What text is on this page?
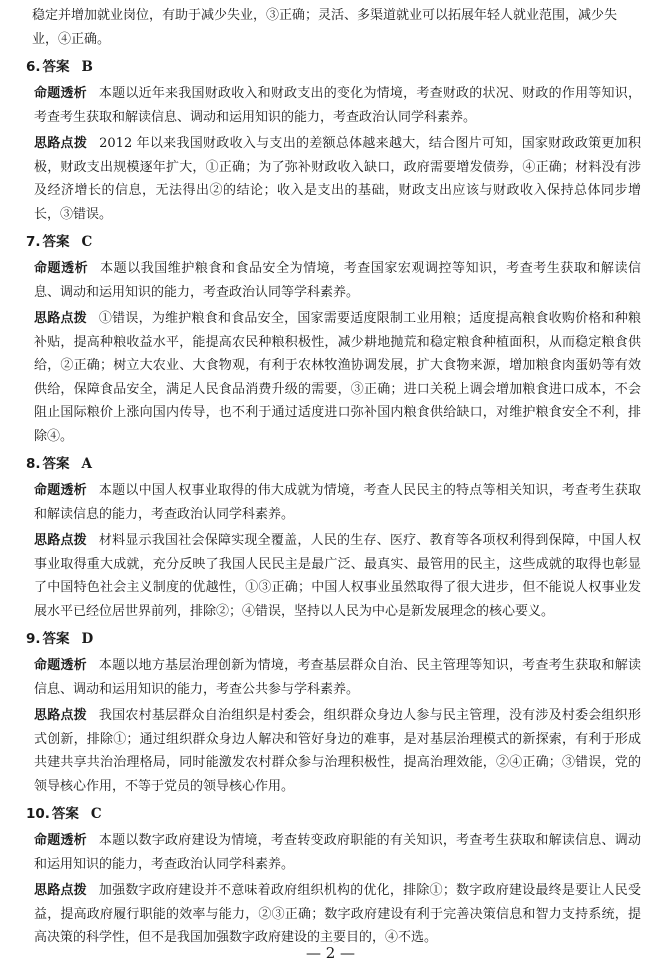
稳定并增加就业岗位，有助于减少失业，③正确；灵活、多渠道就业可以拓展年轻人就业范围，减少失业，④正确。

6. 答案 B

命题透析 本题以近年来我国财政收入和财政支出的变化为情境，考查财政的状况、财政的作用等知识，考查考生获取和解读信息、调动和运用知识的能力，考查政治认同学科素养。

思路点拨 2012 年以来我国财政收入与支出的差额总体越来越大，结合图片可知，国家财政政策更加积极，财政支出规模逐年扩大，①正确；为了弥补财政收入缺口，政府需要增发债券，④正确；材料没有涉及经济增长的信息，无法得出②的结论；收入是支出的基础，财政支出应该与财政收入保持总体同步增长，③错误。

7. 答案 C

命题透析 本题以我国维护粮食和食品安全为情境，考查国家宏观调控等知识，考查考生获取和解读信息、调动和运用知识的能力，考查政治认同等学科素养。

思路点拨 ①错误，为维护粮食和食品安全，国家需要适度限制工业用粮；适度提高粮食收购价格和种粮补贴，提高种粮收益水平，能提高农民种粮积极性，减少耕地抛荒和稳定粮食种植面积，从而稳定粮食供给，②正确；树立大农业、大食物观，有利于农林牧渔协调发展，扩大食物来源，增加粮食肉蛋奶等有效供给，保障食品安全，满足人民食品消费升级的需要，③正确；进口关税上调会增加粮食进口成本，不会阻止国际粮价上涨向国内传导，也不利于通过适度进口弥补国内粮食供给缺口，对维护粮食安全不利，排除④。

8. 答案 A

命题透析 本题以中国人权事业取得的伟大成就为情境，考查人民民主的特点等相关知识，考查考生获取和解读信息的能力，考查政治认同学科素养。

思路点拨 材料显示我国社会保障实现全覆盖，人民的生存、医疗、教育等各项权利得到保障，中国人权事业取得重大成就，充分反映了我国人民民主是最广泛、最真实、最管用的民主，这些成就的取得也彰显了中国特色社会主义制度的优越性，①③正确；中国人权事业虽然取得了很大进步，但不能说人权事业发展水平已经位居世界前列，排除②；④错误，坚持以人民为中心是新发展理念的核心要义。

9. 答案 D

命题透析 本题以地方基层治理创新为情境，考查基层群众自治、民主管理等知识，考查考生获取和解读信息、调动和运用知识的能力，考查公共参与学科素养。

思路点拨 我国农村基层群众自治组织是村委会，组织群众身边人参与民主管理，没有涉及村委会组织形式创新，排除①；通过组织群众身边人解决和管好身边的难事，是对基层治理模式的新探索，有利于形成共建共享共治治理格局，同时能激发农村群众参与治理积极性，提高治理效能，②④正确；③错误，党的领导核心作用，不等于党员的领导核心作用。

10. 答案 C

命题透析 本题以数字政府建设为情境，考查转变政府职能的有关知识，考查考生获取和解读信息、调动和运用知识的能力，考查政治认同学科素养。

思路点拨 加强数字政府建设并不意味着政府组织机构的优化，排除①；数字政府建设最终是要让人民受益，提高政府履行职能的效率与能力，②③正确；数字政府建设有利于完善决策信息和智力支持系统，提高决策的科学性，但不是我国加强数字政府建设的主要目的，④不选。

— 2 —
